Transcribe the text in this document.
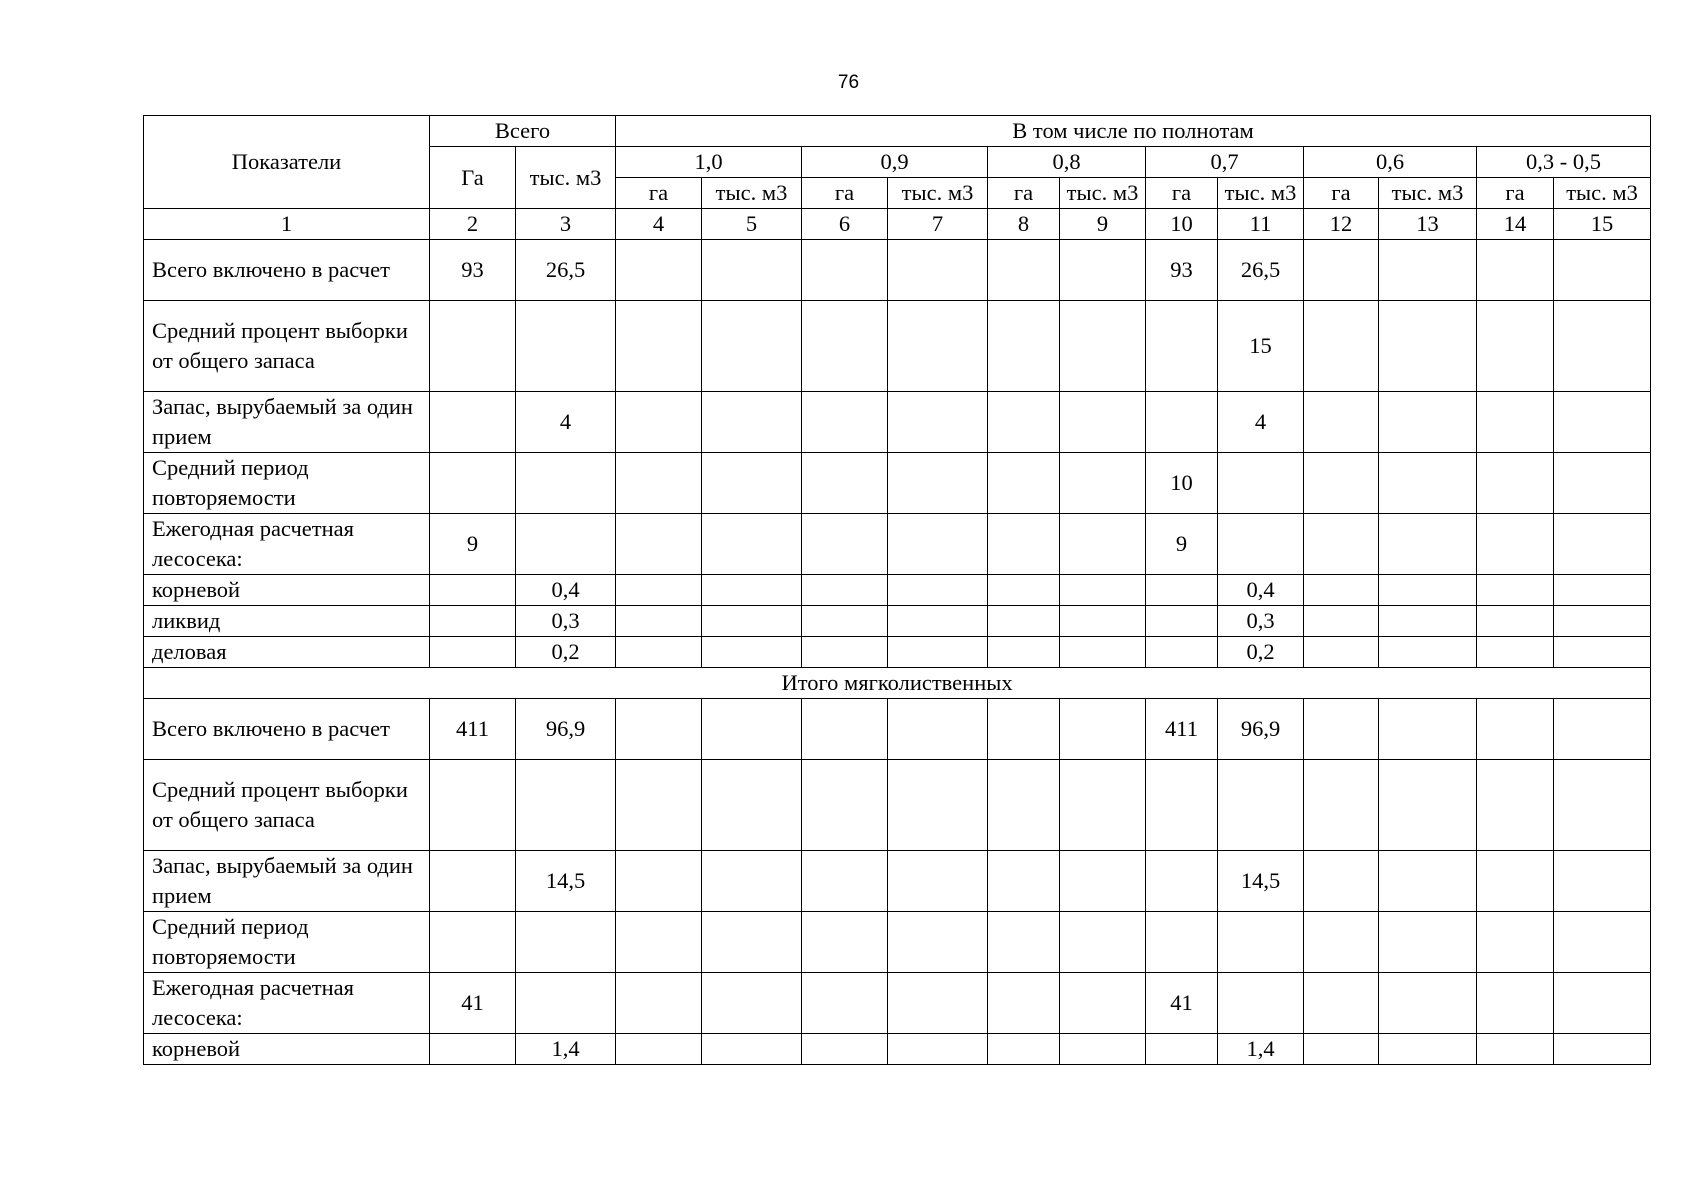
76
Показатели	Всего		В том числе по полнотам											
	Га	тыс. м3	1,0		0,9		0,8		0,7		0,6		0,3 - 0,5	
			га	тыс. м3	га	тыс. м3	га	тыс. м3	га	тыс. м3	га	тыс. м3	га	тыс. м3
1	2	3	4	5	6	7	8	9	10	11	12	13	14	15
Всего включено в расчет	93	26,5							93	26,5				
Средний процент выборки от общего запаса										15				
Запас, вырубаемый за один прием		4								4				
Средний период повторяемости									10					
Ежегодная расчетная лесосека:	9								9					
корневой		0,4								0,4				
ликвид		0,3								0,3				
деловая		0,2								0,2				
Итого мягколиственных														
Всего включено в расчет	411	96,9							411	96,9				
Средний процент выборки от общего запаса														
Запас, вырубаемый за один прием		14,5								14,5				
Средний период повторяемости														
Ежегодная расчетная лесосека:	41								41					
корневой		1,4								1,4				
